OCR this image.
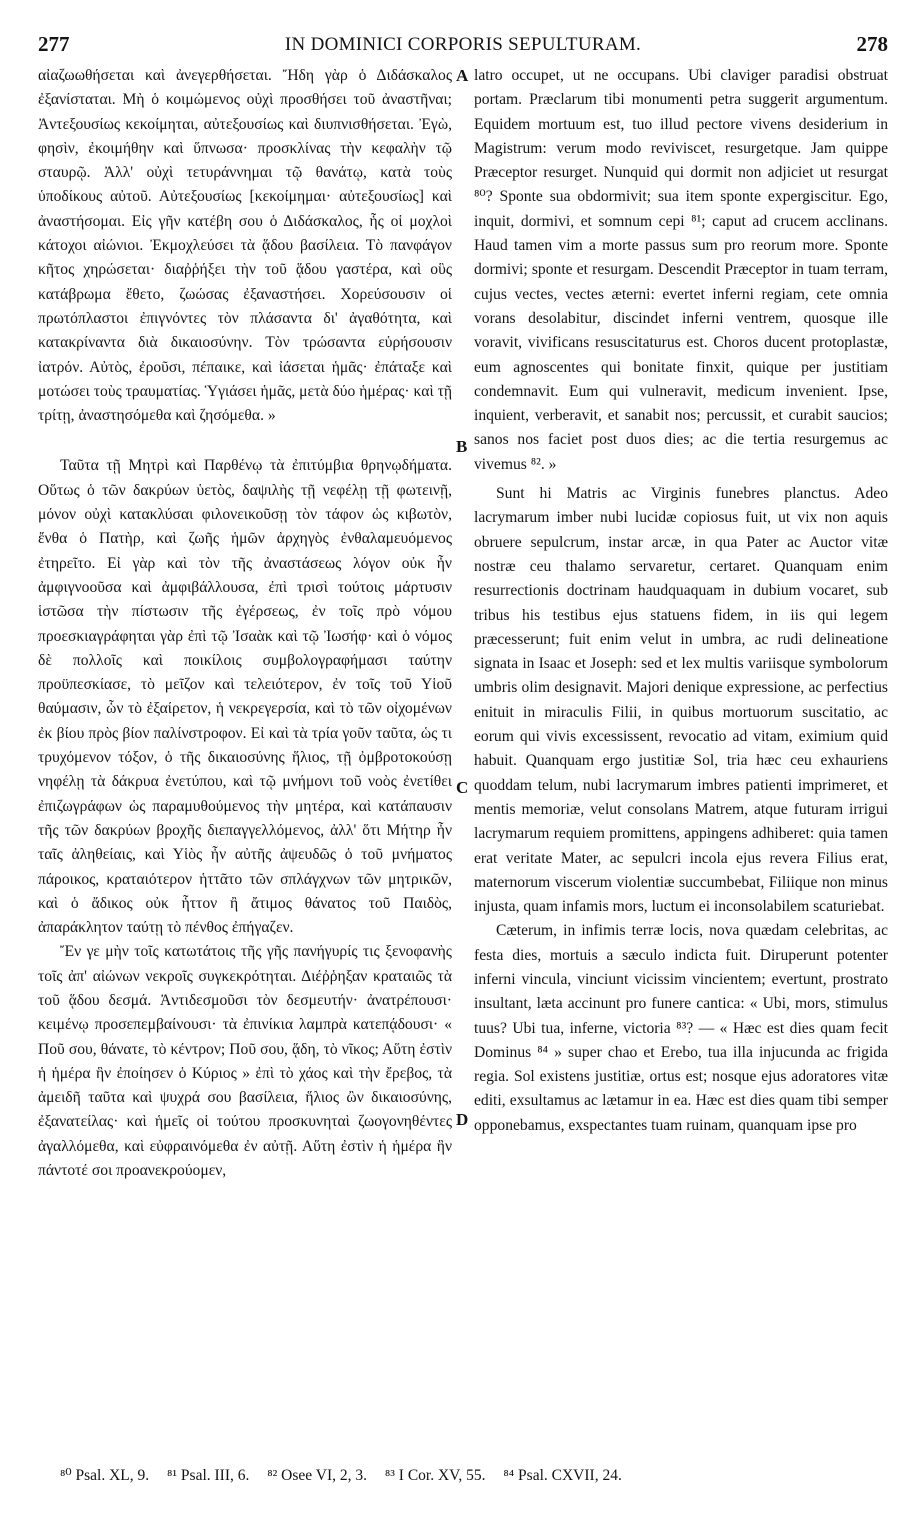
277	IN DOMINICI CORPORIS SEPULTURAM.	278

αἰαζωωθήσεται καὶ ἀνεγερθήσεται. Ἤδη γὰρ ὁ Διδάσκαλος ἐξανίσταται. Μὴ ὁ κοιμώμενος οὐχὶ προσθήσει τοῦ ἀναστῆναι; Ἀντεξουσίως κεκοίμηται, αὐτεξουσίως καὶ διυπνισθήσεται. Ἐγὼ, φησὶν, ἐκοιμήθην καὶ ὕπνωσα· προσκλίνας τὴν κεφαλὴν τῷ σταυρῷ. Ἀλλ' οὐχὶ τετυράννημαι τῷ θανάτῳ, κατὰ τοὺς ὑποδίκους αὐτοῦ. Αὐτεξουσίως [κεκοίμημαι· αὐτεξουσίως] καὶ ἀναστήσομαι. Εἰς γῆν κατέβη σου ὁ Διδάσκαλος, ἧς οἱ μοχλοὶ κάτοχοι αἰώνιοι. Ἐκμοχλεύσει τὰ ᾅδου βασίλεια. Τὸ πανφάγον κῆτος χηρώσεται· διαῤῥήξει τὴν τοῦ ᾅδου γαστέρα, καὶ οὓς κατάβρωμα ἔθετο, ζωώσας ἐξαναστήσει. Χορεύσουσιν οἱ πρωτόπλαστοι ἐπιγνόντες τὸν πλάσαντα δι' ἀγαθότητα, καὶ κατακρίναντα διὰ δικαιοσύνην. Τὸν τρώσαντα εὑρήσουσιν ἰατρόν. Αὐτὸς, ἐροῦσι, πέπαικε, καὶ ἰάσεται ἡμᾶς· ἐπάταξε καὶ μοτώσει τοὺς τραυματίας. Ὑγιάσει ἡμᾶς, μετὰ δύο ἡμέρας· καὶ τῇ τρίτῃ, ἀναστησόμεθα καὶ ζησόμεθα. »

Ταῦτα τῇ Μητρὶ καὶ Παρθένῳ τὰ ἐπιτύμβια θρηνῳδήματα. Οὕτως ὁ τῶν δακρύων ὑετὸς, δαψιλὴς τῇ νεφέλῃ τῇ φωτεινῇ, μόνον οὐχὶ κατακλύσαι φιλονεικοῦσῃ τὸν τάφον ὡς κιβωτὸν, ἔνθα ὁ Πατὴρ, καὶ ζωῆς ἡμῶν ἀρχηγὸς ἐνθαλαμευόμενος ἐτηρεῖτο. Εἰ γὰρ καὶ τὸν τῆς ἀναστάσεως λόγον οὐκ ἦν ἀμφιγνοοῦσα καὶ ἀμφιβάλλουσα, ἐπὶ τρισὶ τούτοις μάρτυσιν ἱστῶσα τὴν πίστωσιν τῆς ἐγέρσεως, ἐν τοῖς πρὸ νόμου προεσκιαγράφηται γὰρ ἐπὶ τῷ Ἰσαὰκ καὶ τῷ Ἰωσήφ· καὶ ὁ νόμος δὲ πολλοῖς καὶ ποικίλοις συμβολογραφήμασι ταύτην προϋπεσκίασε, τὸ μεῖζον καὶ τελειότερον, ἐν τοῖς τοῦ Υἱοῦ θαύμασιν, ὧν τὸ ἐξαίρετον, ἡ νεκρεγερσία, καὶ τὸ τῶν οἰχομένων ἐκ βίου πρὸς βίον παλίνστροφον. Εἰ καὶ τὰ τρία γοῦν ταῦτα, ὡς τι τρυχόμενον τόξον, ὁ τῆς δικαιοσύνης ἥλιος, τῇ ὀμβροτοκούσῃ νηφέλῃ τὰ δάκρυα ἐνετύπου, καὶ τῷ μνήμονι τοῦ νοὸς ἐνετίθει ἐπιζωγράφων ὡς παραμυθούμενος τὴν μητέρα, καὶ κατάπαυσιν τῆς τῶν δακρύων βροχῆς διεπαγγελλόμενος, ἀλλ' ὅτι Μήτηρ ἦν ταῖς ἀληθείαις, καὶ Υἱὸς ἦν αὐτῆς ἀψευδῶς ὁ τοῦ μνήματος πάροικος, κραταιότερον ἡττᾶτο τῶν σπλάγχνων τῶν μητρικῶν, καὶ ὁ ἄδικος οὐκ ἧττον ἢ ἄτιμος θάνατος τοῦ Παιδὸς, ἀπαράκλητον ταύτῃ τὸ πένθος ἐπήγαζεν.

Ἔν γε μὴν τοῖς κατωτάτοις τῆς γῆς πανήγυρίς τις ξενοφανὴς τοῖς ἀπ' αἰώνων νεκροῖς συγκεκρότηται. Διέῤῥηξαν κραταιῶς τὰ τοῦ ᾅδου δεσμά. Ἀντιδεσμοῦσι τὸν δεσμευτήν· ἀνατρέπουσι· κειμένῳ προσεπεμβαίνουσι· τὰ ἐπινίκια λαμπρὰ κατεπᾴδουσι· « Ποῦ σου, θάνατε, τὸ κέντρον; Ποῦ σου, ᾅδη, τὸ νῖκος; Αὕτη ἐστὶν ἡ ἡμέρα ἣν ἐποίησεν ὁ Κύριος » ἐπὶ τὸ χάος καὶ τὴν ἔρεβος, τὰ ἀμειδῆ ταῦτα καὶ ψυχρά σου βασίλεια, ἥλιος ὢν δικαιοσύνης, ἐξανατείλας· καὶ ἡμεῖς οἱ τούτου προσκυνηταὶ ζωογονηθέντες ἀγαλλόμεθα, καὶ εὐφραινόμεθα ἐν αὐτῇ. Αὕτη ἐστὶν ἡ ἡμέρα ἣν πάντοτέ σοι προανεκρούομεν,

A
B
C
D

latro occupet, ut ne occupans. Ubi claviger paradisi obstruat portam. Præclarum tibi monumenti petra suggerit argumentum. Equidem mortuum est, tuo illud pectore vivens desiderium in Magistrum: verum modo reviviscet, resurgetque. Jam quippe Præceptor resurget. Nunquid qui dormit non adjiciet ut resurgat ⁸⁰? Sponte sua obdormivit; sua item sponte expergiscitur. Ego, inquit, dormivi, et somnum cepi ⁸¹; caput ad crucem acclinans. Haud tamen vim a morte passus sum pro reorum more. Sponte dormivi; sponte et resurgam. Descendit Præceptor in tuam terram, cujus vectes, vectes æterni: evertet inferni regiam, cete omnia vorans desolabitur, discindet inferni ventrem, quosque ille voravit, vivificans resuscitaturus est. Choros ducent protoplastæ, eum agnoscentes qui bonitate finxit, quique per justitiam condemnavit. Eum qui vulneravit, medicum invenient. Ipse, inquient, verberavit, et sanabit nos; percussit, et curabit saucios; sanos nos faciet post duos dies; ac die tertia resurgemus ac vivemus ⁸². »

Sunt hi Matris ac Virginis funebres planctus. Adeo lacrymarum imber nubi lucidæ copiosus fuit, ut vix non aquis obruere sepulcrum, instar arcæ, in qua Pater ac Auctor vitæ nostræ ceu thalamo servaretur, certaret. Quanquam enim resurrectionis doctrinam haudquaquam in dubium vocaret, sub tribus his testibus ejus statuens fidem, in iis qui legem præcesserunt; fuit enim velut in umbra, ac rudi delineatione signata in Isaac et Joseph: sed et lex multis variisque symbolorum umbris olim designavit. Majori denique expressione, ac perfectius enituit in miraculis Filii, in quibus mortuorum suscitatio, ac eorum qui vivis excessissent, revocatio ad vitam, eximium quid habuit. Quanquam ergo justitiæ Sol, tria hæc ceu exhauriens quoddam telum, nubi lacrymarum imbres patienti imprimeret, et mentis memoriæ, velut consolans Matrem, atque futuram irrigui lacrymarum requiem promittens, appingens adhiberet: quia tamen erat veritate Mater, ac sepulcri incola ejus revera Filius erat, maternorum viscerum violentiæ succumbebat, Filiique non minus injusta, quam infamis mors, luctum ei inconsolabilem scaturiebat.

Cæterum, in infimis terræ locis, nova quædam celebritas, ac festa dies, mortuis a sæculo indicta fuit. Diruperunt potenter inferni vincula, vinciunt vicissim vincientem; evertunt, prostrato insultant, læta accinunt pro funere cantica: « Ubi, mors, stimulus tuus? Ubi tua, inferne, victoria ⁸³? — « Hæc est dies quam fecit Dominus ⁸⁴ » super chao et Erebo, tua illa injucunda ac frigida regia. Sol existens justitiæ, ortus est; nosque ejus adoratores vitæ editi, exsultamus ac lætamur in ea. Hæc est dies quam tibi semper opponebamus, exspectantes tuam ruinam, quanquam ipse pro

⁸⁰ Psal. XL, 9. ⁸¹ Psal. III, 6. ⁸² Osee VI, 2, 3. ⁸³ I Cor. XV, 55. ⁸⁴ Psal. CXVII, 24.
